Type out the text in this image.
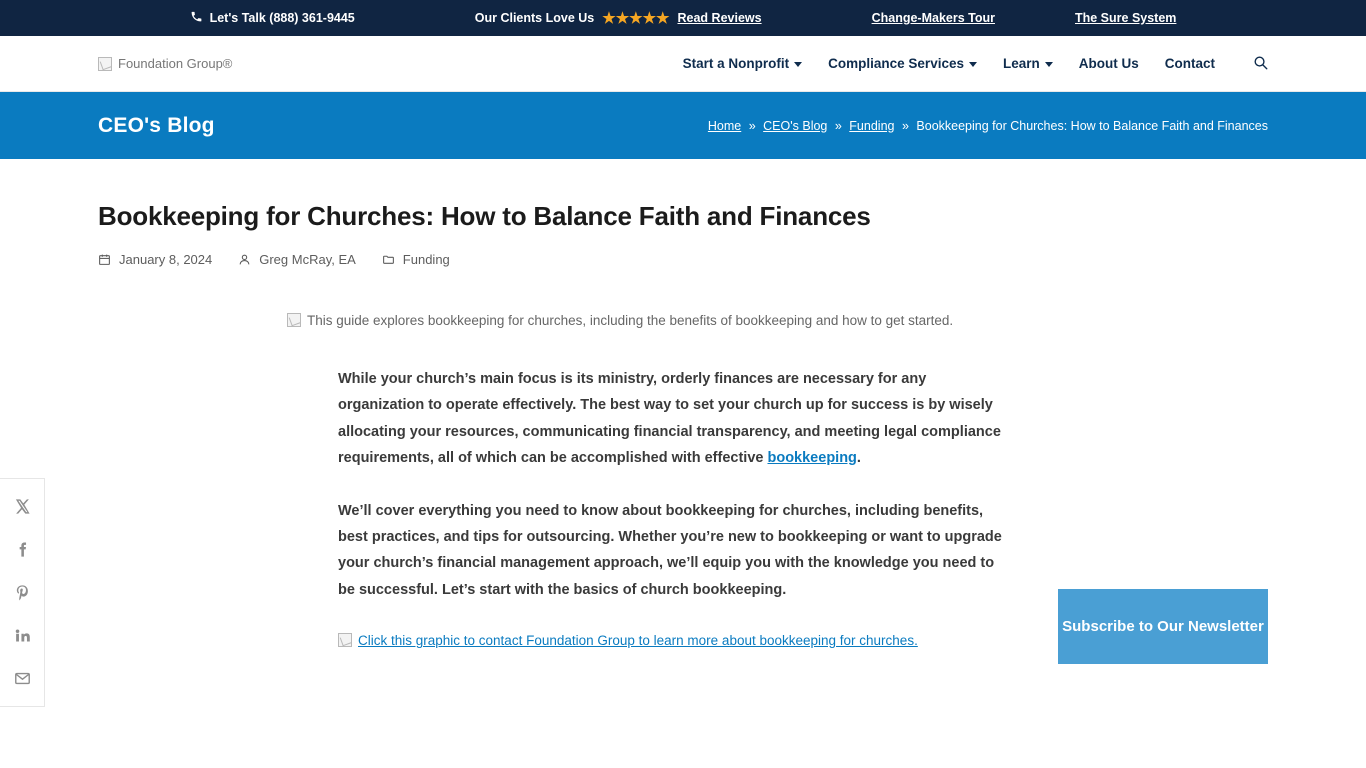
Let's Talk (888) 361-9445	Our Clients Love Us ★★★★★ Read Reviews	Change-Makers Tour	The Sure System
Foundation Group®	Start a Nonprofit	Compliance Services	Learn	About Us Contact
CEO's Blog	Home » CEO's Blog » Funding » Bookkeeping for Churches: How to Balance Faith and Finances
Bookkeeping for Churches: How to Balance Faith and Finances
January 8, 2024	Greg McRay, EA	Funding
This guide explores bookkeeping for churches, including the benefits of bookkeeping and how to get started.

While your church’s main focus is its ministry, orderly finances are necessary for any organization to operate effectively. The best way to set your church up for success is by wisely allocating your resources, communicating financial transparency, and meeting legal compliance requirements, all of which can be accomplished with effective bookkeeping.

We’ll cover everything you need to know about bookkeeping for churches, including benefits, best practices, and tips for outsourcing. Whether you’re new to bookkeeping or want to upgrade your church’s financial management approach, we’ll equip you with the knowledge you need to be successful. Let’s start with the basics of church bookkeeping.

Click this graphic to contact Foundation Group to learn more about bookkeeping for churches.
Subscribe to Our Newsletter
